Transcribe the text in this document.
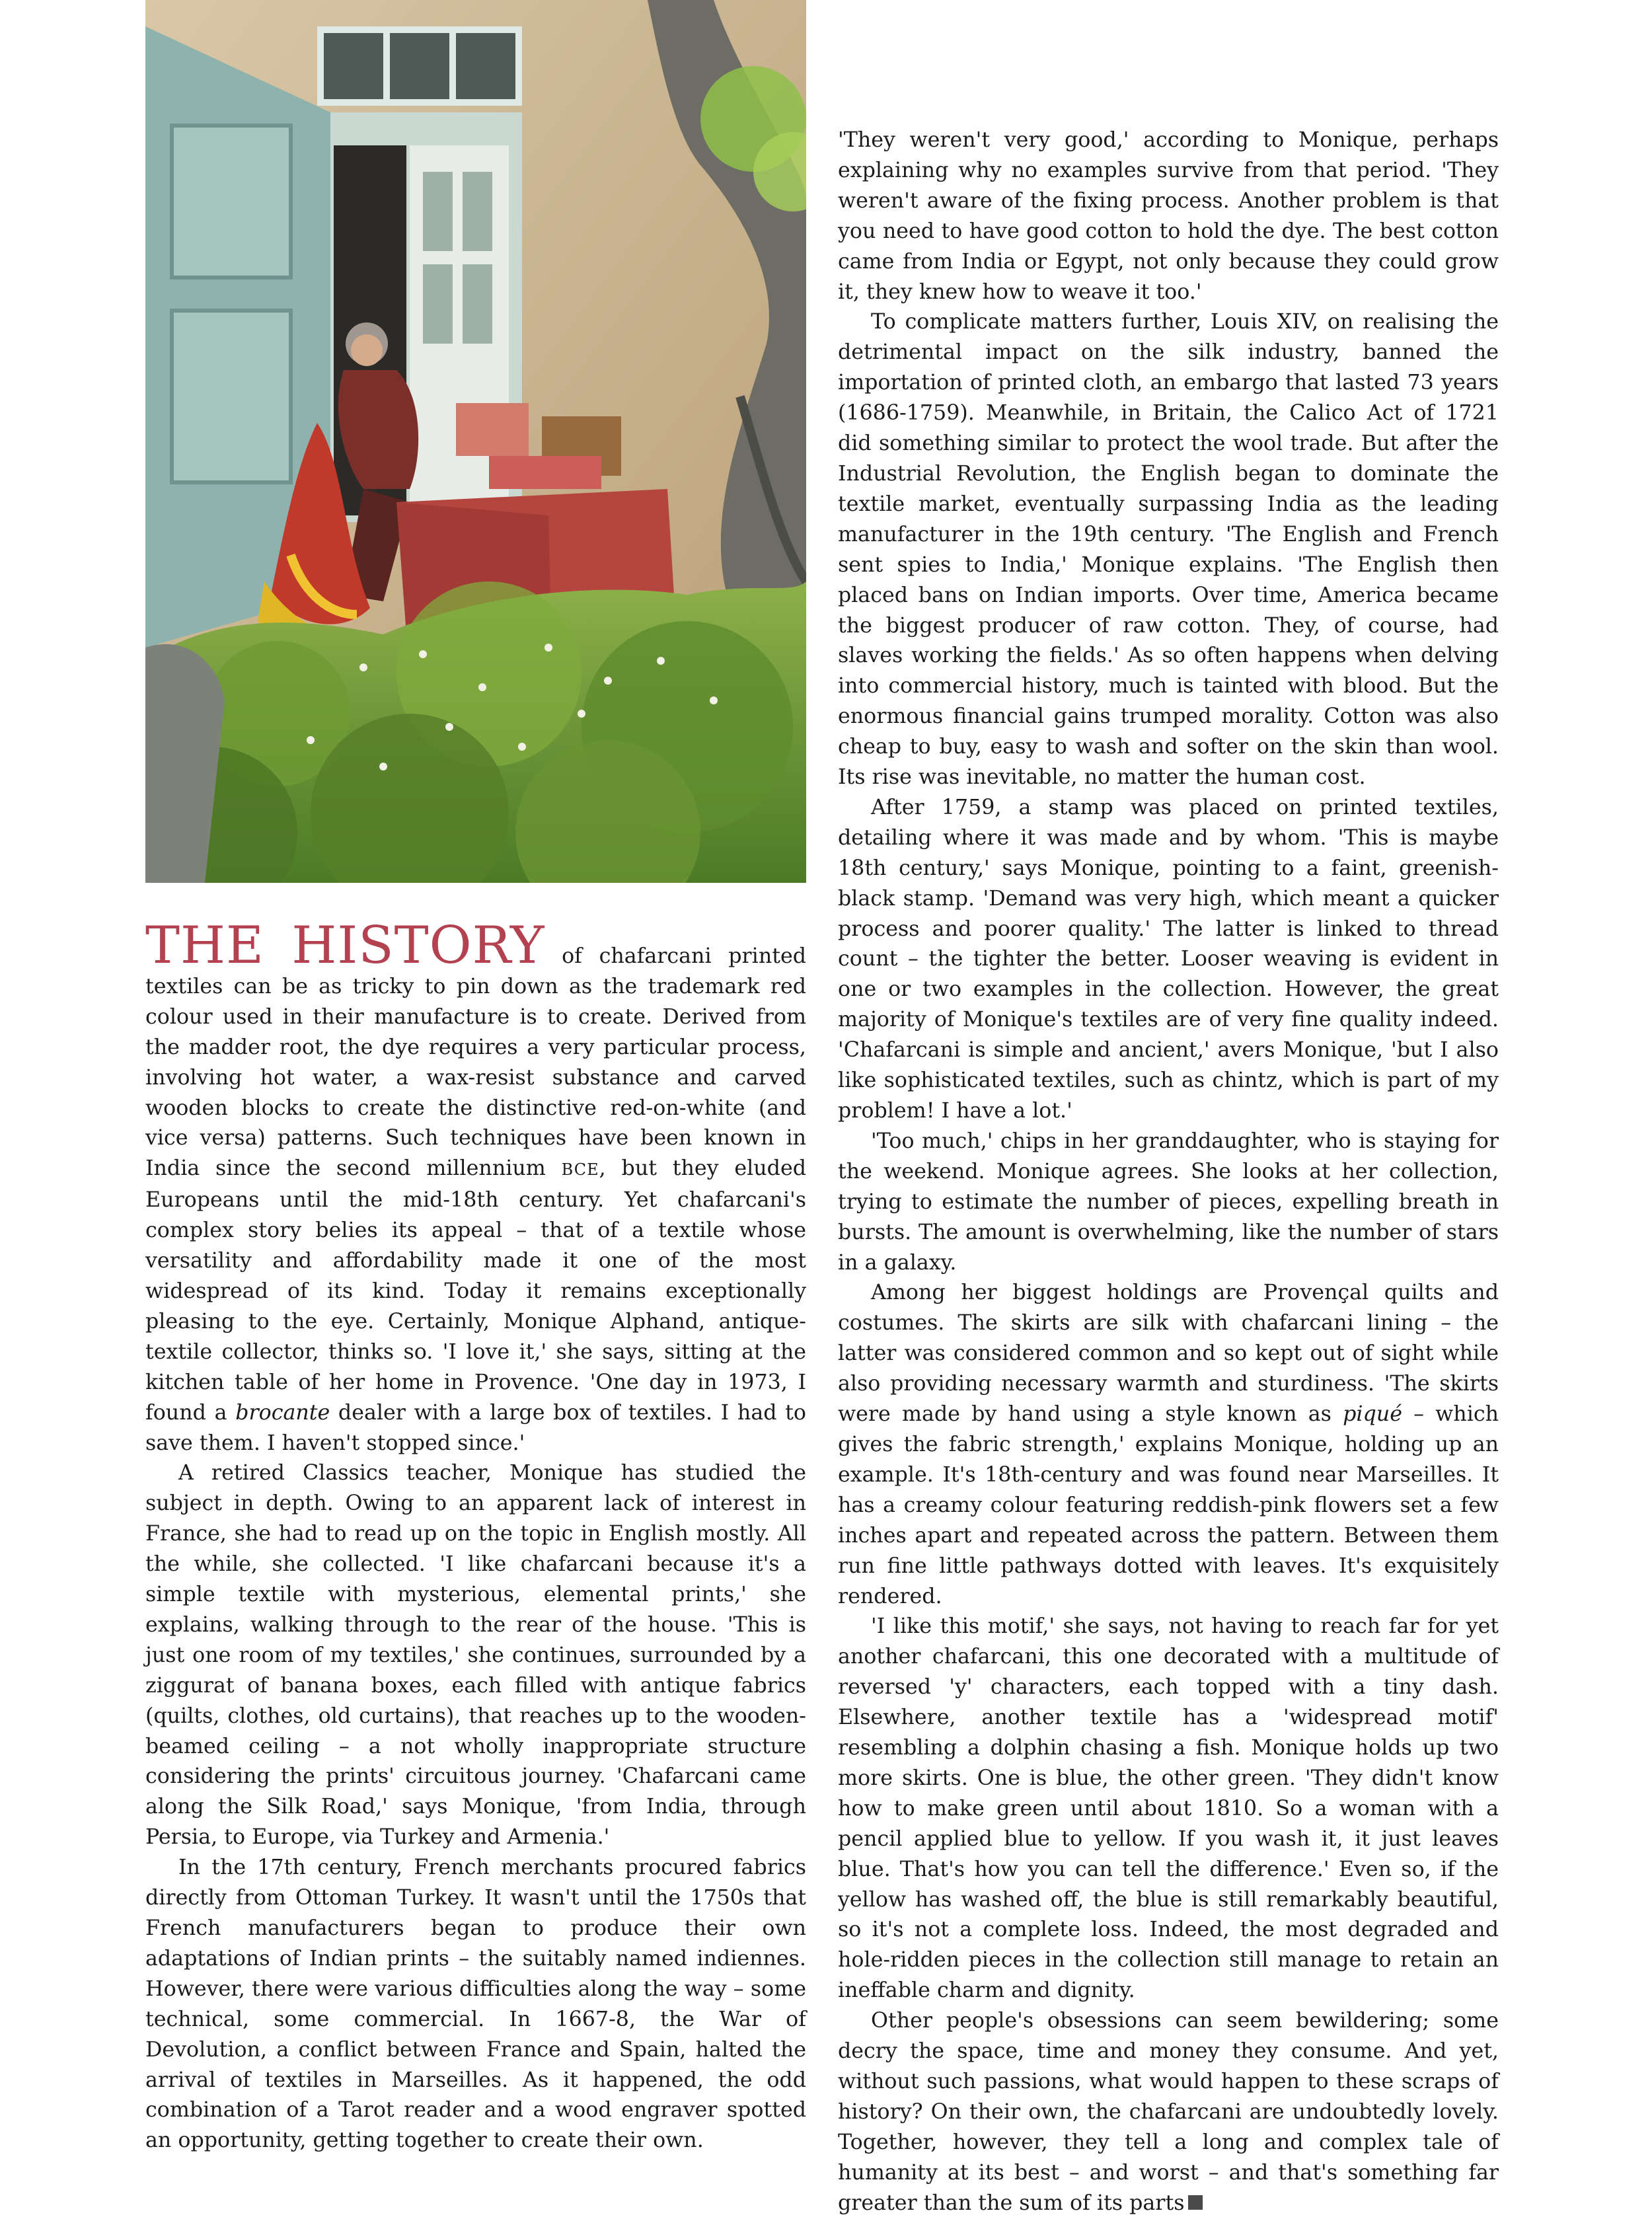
THE HISTORY of chafarcani printed textiles can be as tricky to pin down as the trademark red colour used in their manufacture is to create. Derived from the madder root, the dye requires a very particular process, involving hot water, a wax-resist substance and carved wooden blocks to create the distinctive red-on-white (and vice versa) patterns. Such techniques have been known in India since the second millennium BCE, but they eluded Europeans until the mid-18th century. Yet chafarcani's complex story belies its appeal – that of a textile whose versatility and affordability made it one of the most widespread of its kind. Today it remains exceptionally pleasing to the eye. Certainly, Monique Alphand, antique-textile collector, thinks so. 'I love it,' she says, sitting at the kitchen table of her home in Provence. 'One day in 1973, I found a brocante dealer with a large box of textiles. I had to save them. I haven't stopped since.'

A retired Classics teacher, Monique has studied the subject in depth. Owing to an apparent lack of interest in France, she had to read up on the topic in English mostly. All the while, she collected. 'I like chafarcani because it's a simple textile with mysterious, elemental prints,' she explains, walking through to the rear of the house. 'This is just one room of my textiles,' she continues, surrounded by a ziggurat of banana boxes, each filled with antique fabrics (quilts, clothes, old curtains), that reaches up to the wooden-beamed ceiling – a not wholly inappropriate structure considering the prints' circuitous journey. 'Chafarcani came along the Silk Road,' says Monique, 'from India, through Persia, to Europe, via Turkey and Armenia.'

In the 17th century, French merchants procured fabrics directly from Ottoman Turkey. It wasn't until the 1750s that French manufacturers began to produce their own adaptations of Indian prints – the suitably named indiennes. However, there were various difficulties along the way – some technical, some commercial. In 1667-8, the War of Devolution, a conflict between France and Spain, halted the arrival of textiles in Marseilles. As it happened, the odd combination of a Tarot reader and a wood engraver spotted an opportunity, getting together to create their own.

'They weren't very good,' according to Monique, perhaps explaining why no examples survive from that period. 'They weren't aware of the fixing process. Another problem is that you need to have good cotton to hold the dye. The best cotton came from India or Egypt, not only because they could grow it, they knew how to weave it too.'

To complicate matters further, Louis XIV, on realising the detrimental impact on the silk industry, banned the importation of printed cloth, an embargo that lasted 73 years (1686-1759). Meanwhile, in Britain, the Calico Act of 1721 did something similar to protect the wool trade. But after the Industrial Revolution, the English began to dominate the textile market, eventually surpassing India as the leading manufacturer in the 19th century. 'The English and French sent spies to India,' Monique explains. 'The English then placed bans on Indian imports. Over time, America became the biggest producer of raw cotton. They, of course, had slaves working the fields.' As so often happens when delving into commercial history, much is tainted with blood. But the enormous financial gains trumped morality. Cotton was also cheap to buy, easy to wash and softer on the skin than wool. Its rise was inevitable, no matter the human cost.

After 1759, a stamp was placed on printed textiles, detailing where it was made and by whom. 'This is maybe 18th century,' says Monique, pointing to a faint, greenish-black stamp. 'Demand was very high, which meant a quicker process and poorer quality.' The latter is linked to thread count – the tighter the better. Looser weaving is evident in one or two examples in the collection. However, the great majority of Monique's textiles are of very fine quality indeed. 'Chafarcani is simple and ancient,' avers Monique, 'but I also like sophisticated textiles, such as chintz, which is part of my problem! I have a lot.'

'Too much,' chips in her granddaughter, who is staying for the weekend. Monique agrees. She looks at her collection, trying to estimate the number of pieces, expelling breath in bursts. The amount is overwhelming, like the number of stars in a galaxy.

Among her biggest holdings are Provençal quilts and costumes. The skirts are silk with chafarcani lining – the latter was considered common and so kept out of sight while also providing necessary warmth and sturdiness. 'The skirts were made by hand using a style known as piqué – which gives the fabric strength,' explains Monique, holding up an example. It's 18th-century and was found near Marseilles. It has a creamy colour featuring reddish-pink flowers set a few inches apart and repeated across the pattern. Between them run fine little pathways dotted with leaves. It's exquisitely rendered.

'I like this motif,' she says, not having to reach far for yet another chafarcani, this one decorated with a multitude of reversed 'y' characters, each topped with a tiny dash. Elsewhere, another textile has a 'widespread motif' resembling a dolphin chasing a fish. Monique holds up two more skirts. One is blue, the other green. 'They didn't know how to make green until about 1810. So a woman with a pencil applied blue to yellow. If you wash it, it just leaves blue. That's how you can tell the difference.' Even so, if the yellow has washed off, the blue is still remarkably beautiful, so it's not a complete loss. Indeed, the most degraded and hole-ridden pieces in the collection still manage to retain an ineffable charm and dignity.

Other people's obsessions can seem bewildering; some decry the space, time and money they consume. And yet, without such passions, what would happen to these scraps of history? On their own, the chafarcani are undoubtedly lovely. Together, however, they tell a long and complex tale of humanity at its best – and worst – and that's something far greater than the sum of its parts
